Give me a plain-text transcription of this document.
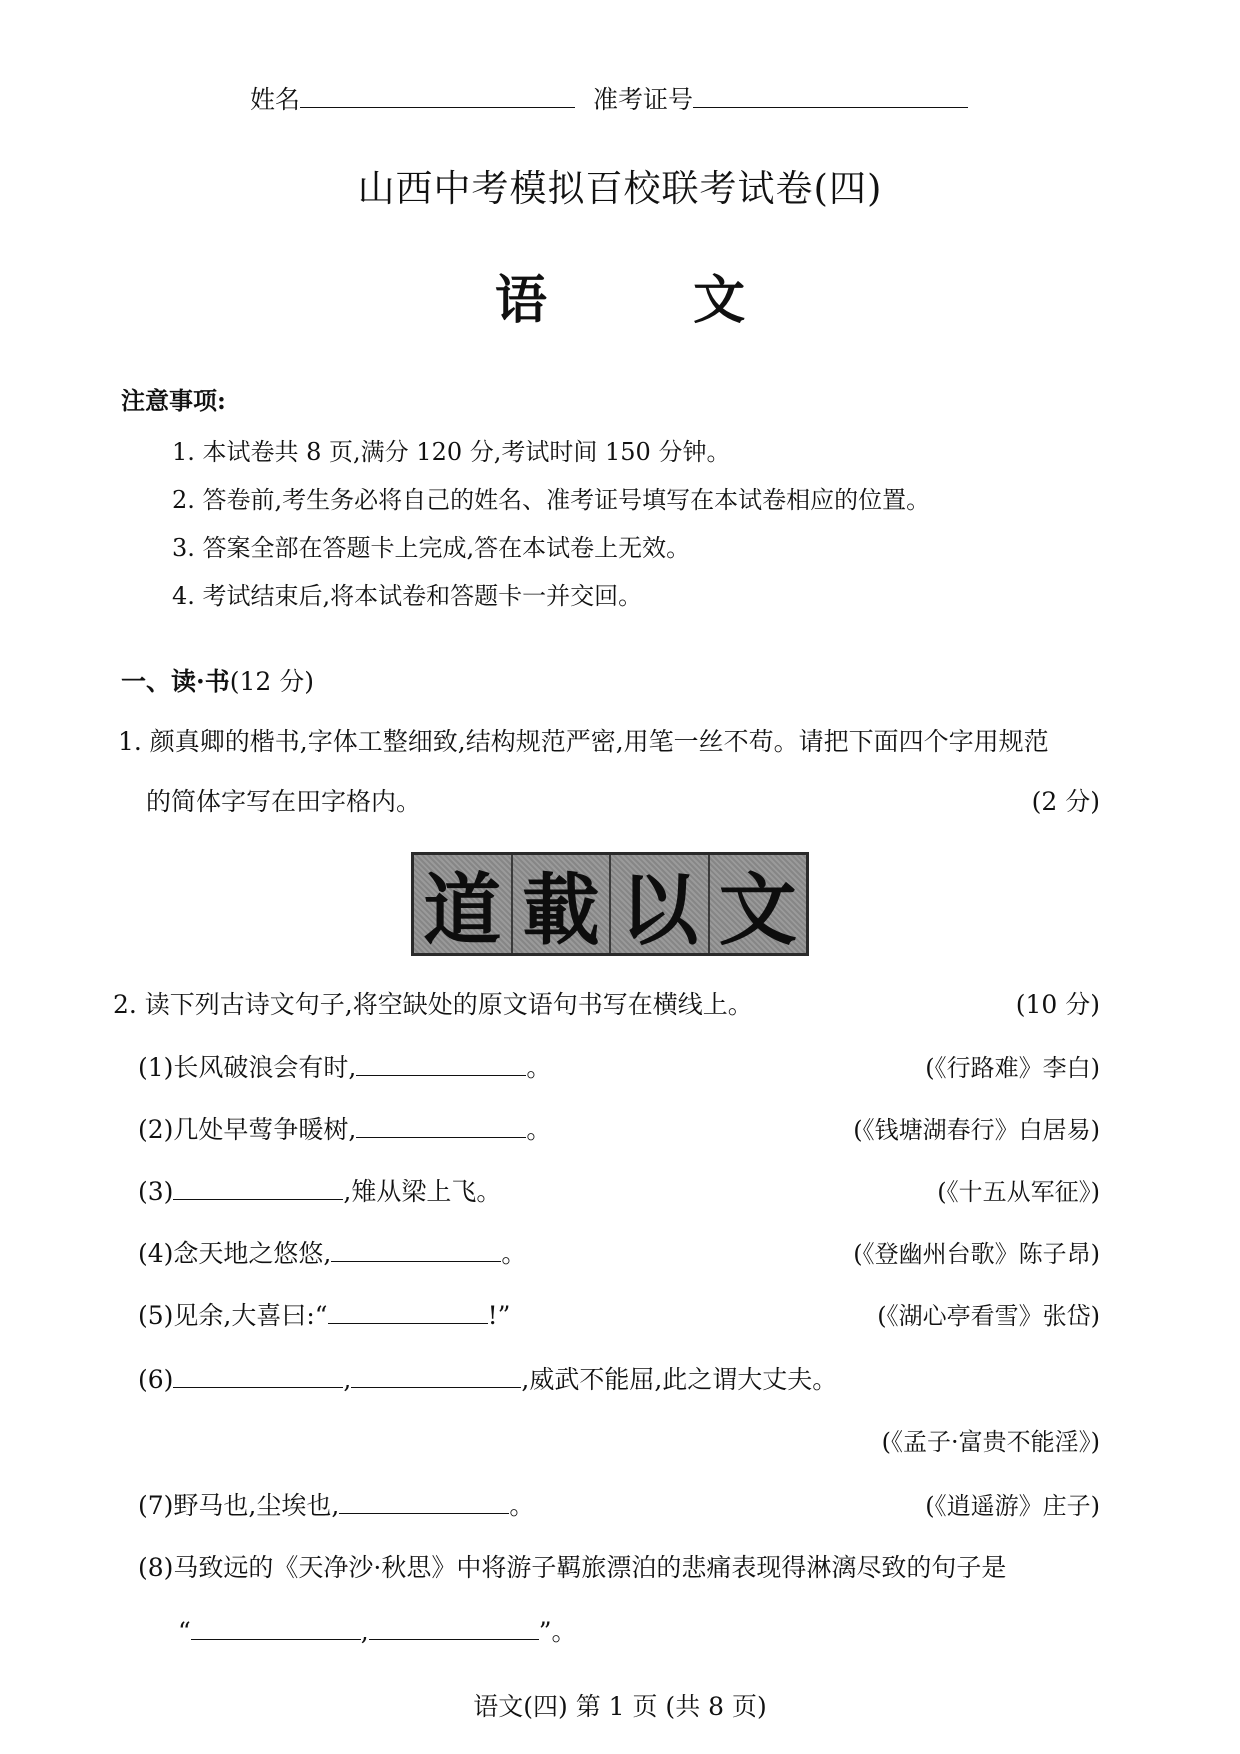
姓名	准考证号
山西中考模拟百校联考试卷(四)
语	文
注意事项:
1. 本试卷共 8 页,满分 120 分,考试时间 150 分钟。
2. 答卷前,考生务必将自己的姓名、准考证号填写在本试卷相应的位置。
3. 答案全部在答题卡上完成,答在本试卷上无效。
4. 考试结束后,将本试卷和答题卡一并交回。
一、读·书(12 分)
1. 颜真卿的楷书,字体工整细致,结构规范严密,用笔一丝不苟。请把下面四个字用规范
的简体字写在田字格内。	(2 分)
道 載 以 文
2. 读下列古诗文句子,将空缺处的原文语句书写在横线上。	(10 分)
(1)长风破浪会有时,	。	(《行路难》李白)
(2)几处早莺争暖树,	。	(《钱塘湖春行》白居易)
(3)	,雉从梁上飞。	(《十五从军征》)
(4)念天地之悠悠,	。	(《登幽州台歌》陈子昂)
(5)见余,大喜曰:“	!”	(《湖心亭看雪》张岱)
(6)	,	,威武不能屈,此之谓大丈夫。
(《孟子·富贵不能淫》)
(7)野马也,尘埃也,	。	(《逍遥游》庄子)
(8)马致远的《天净沙·秋思》中将游子羁旅漂泊的悲痛表现得淋漓尽致的句子是
“	,	”。
语文(四) 第 1 页 (共 8 页)
